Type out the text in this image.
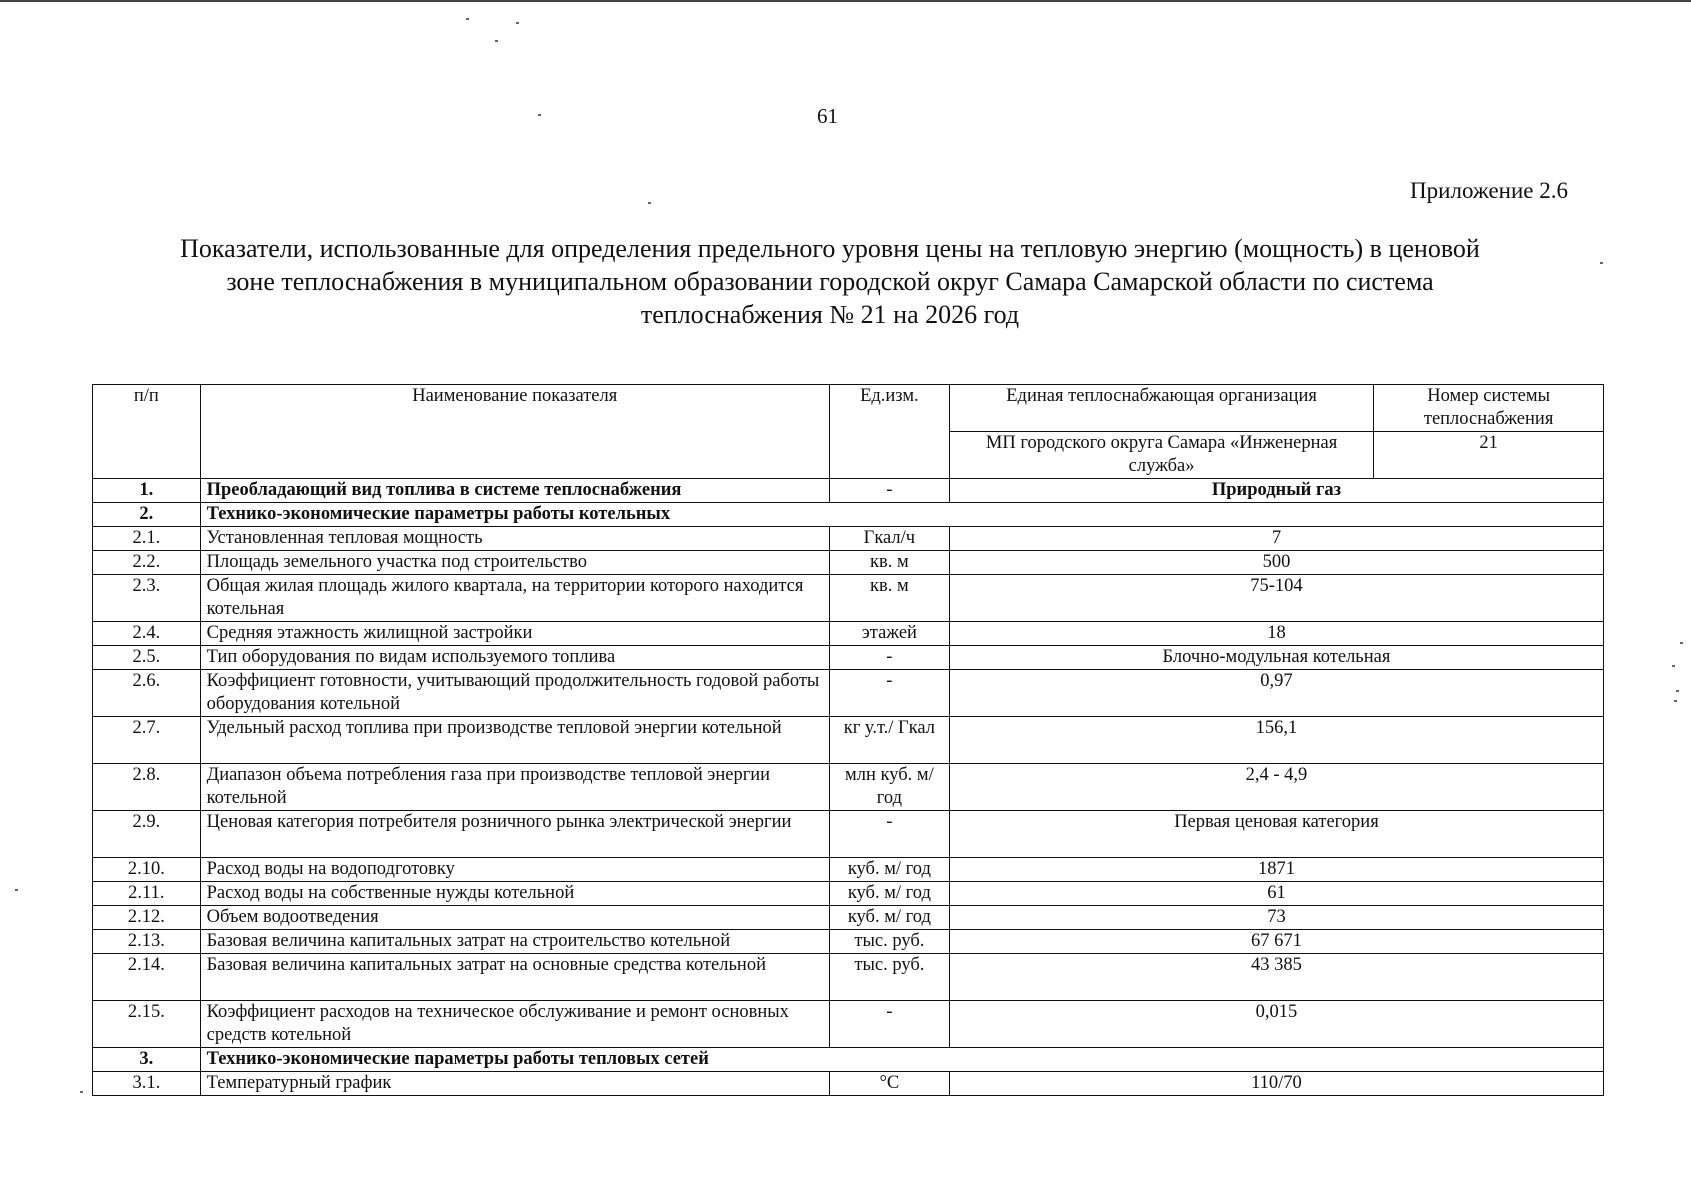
61
Приложение 2.6
Показатели, использованные для определения предельного уровня цены на тепловую энергию (мощность) в ценовой
зоне теплоснабжения в муниципальном образовании городской округ Самара Самарской области по система
теплоснабжения № 21 на 2026 год
п/п	Наименование показателя	Ед.изм.	Единая теплоснабжающая организация	Номер системы теплоснабжения
			МП городского округа Самара «Инженерная служба»	21
1.	Преобладающий вид топлива в системе теплоснабжения	-	Природный газ	
2.	Технико-экономические параметры работы котельных			
2.1.	Установленная тепловая мощность	Гкал/ч	7	
2.2.	Площадь земельного участка под строительство	кв. м	500	
2.3.	Общая жилая площадь жилого квартала, на территории которого находится котельная	кв. м	75-104	
2.4.	Средняя этажность жилищной застройки	этажей	18	
2.5.	Тип оборудования по видам используемого топлива	-	Блочно-модульная котельная	
2.6.	Коэффициент готовности, учитывающий продолжительность годовой работы оборудования котельной	-	0,97	
2.7.	Удельный расход топлива при производстве тепловой энергии котельной	кг у.т./ Гкал	156,1	
2.8.	Диапазон объема потребления газа при производстве тепловой энергии котельной	млн куб. м/год	2,4 - 4,9	
2.9.	Ценовая категория потребителя розничного рынка электрической энергии	-	Первая ценовая категория	
2.10.	Расход воды на водоподготовку	куб. м/ год	1871	
2.11.	Расход воды на собственные нужды котельной	куб. м/ год	61	
2.12.	Объем водоотведения	куб. м/ год	73	
2.13.	Базовая величина капитальных затрат на строительство котельной	тыс. руб.	67 671	
2.14.	Базовая величина капитальных затрат на основные средства котельной	тыс. руб.	43 385	
2.15.	Коэффициент расходов на техническое обслуживание и ремонт основных средств котельной	-	0,015	
3.	Технико-экономические параметры работы тепловых сетей			
3.1.	Температурный график	°C	110/70	
